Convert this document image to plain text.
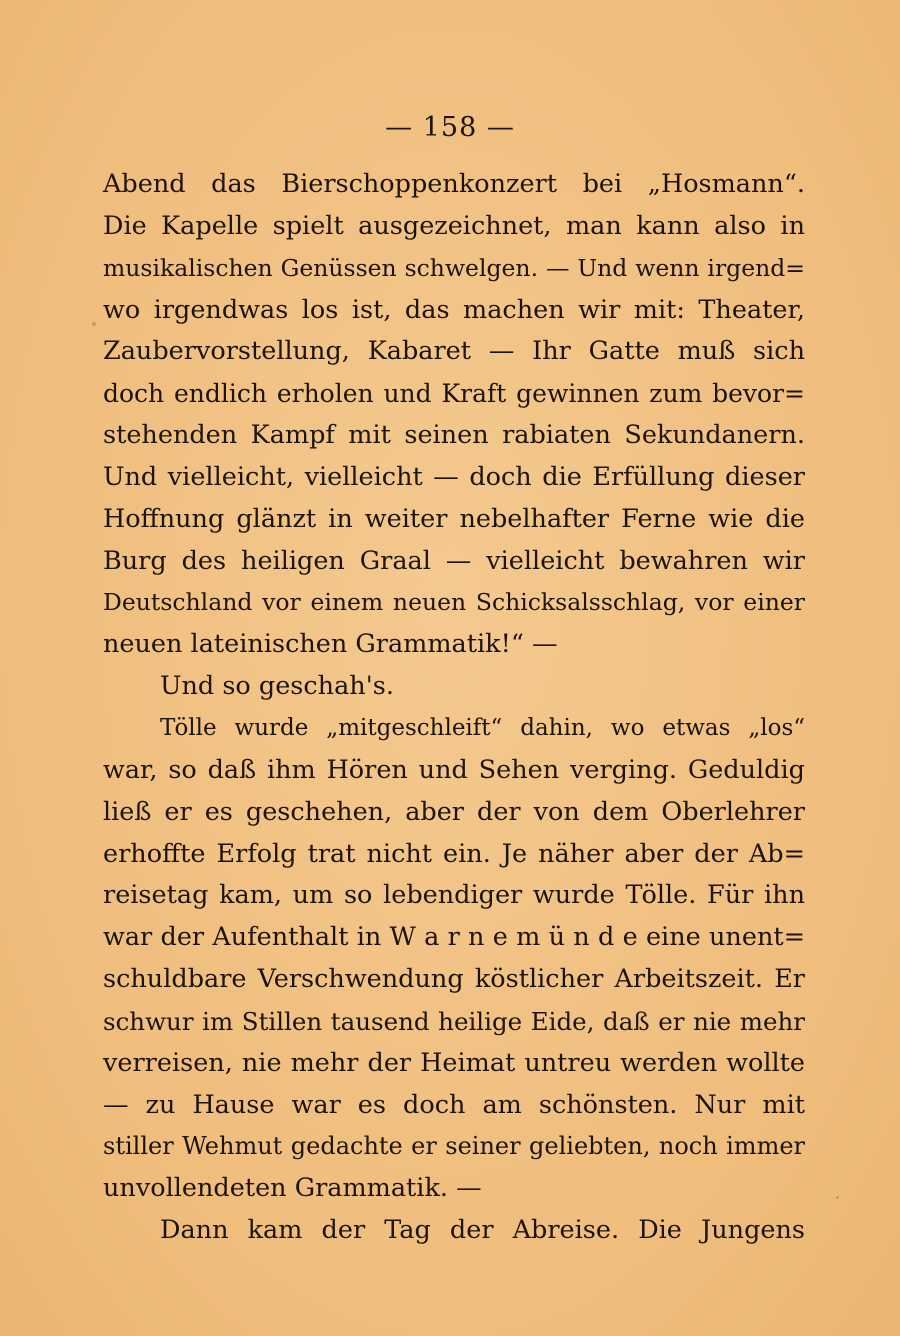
— 158 —
Abend das Bierschoppenkonzert bei „Hosmann“.
Die Kapelle spielt ausgezeichnet, man kann also in
musikalischen Genüssen schwelgen. — Und wenn irgend=
wo irgendwas los ist, das machen wir mit: Theater,
Zaubervorstellung, Kabaret — Ihr Gatte muß sich
doch endlich erholen und Kraft gewinnen zum bevor=
stehenden Kampf mit seinen rabiaten Sekundanern.
Und vielleicht, vielleicht — doch die Erfüllung dieser
Hoffnung glänzt in weiter nebelhafter Ferne wie die
Burg des heiligen Graal — vielleicht bewahren wir
Deutschland vor einem neuen Schicksalsschlag, vor einer
neuen lateinischen Grammatik!“ —
Und so geschah's.
Tölle wurde „mitgeschleift“ dahin, wo etwas „los“
war, so daß ihm Hören und Sehen verging. Geduldig
ließ er es geschehen, aber der von dem Oberlehrer
erhoffte Erfolg trat nicht ein. Je näher aber der Ab=
reisetag kam, um so lebendiger wurde Tölle. Für ihn
war der Aufenthalt in W a r n e m ü n d e eine unent=
schuldbare Verschwendung köstlicher Arbeitszeit. Er
schwur im Stillen tausend heilige Eide, daß er nie mehr
verreisen, nie mehr der Heimat untreu werden wollte
— zu Hause war es doch am schönsten. Nur mit
stiller Wehmut gedachte er seiner geliebten, noch immer
unvollendeten Grammatik. —
Dann kam der Tag der Abreise. Die Jungens
